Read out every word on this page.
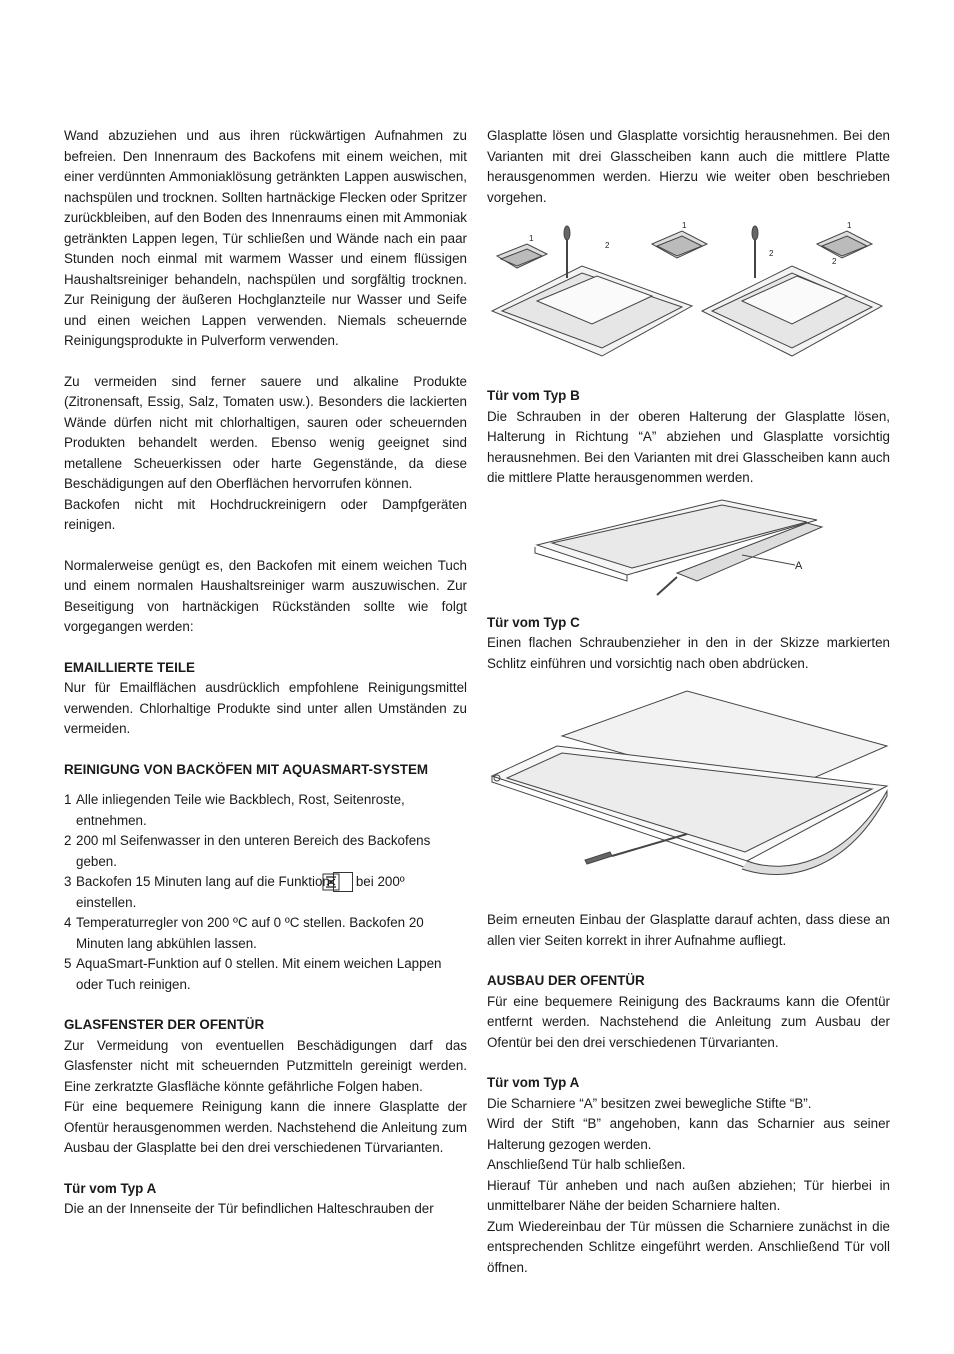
Wand abzuziehen und aus ihren rückwärtigen Aufnahmen zu befreien. Den Innenraum des Backofens mit einem weichen, mit einer verdünnten Ammoniaklösung getränkten Lappen auswischen, nachspülen und trocknen. Sollten hartnäckige Flecken oder Spritzer zurückbleiben, auf den Boden des Innenraums einen mit Ammoniak getränkten Lappen legen, Tür schließen und Wände nach ein paar Stunden noch einmal mit warmem Wasser und einem flüssigen Haushaltsreiniger behandeln, nachspülen und sorgfältig trocknen. Zur Reinigung der äußeren Hochglanzteile nur Wasser und Seife und einen weichen Lappen verwenden. Niemals scheuernde Reinigungsprodukte in Pulverform verwenden.

Zu vermeiden sind ferner sauere und alkaline Produkte (Zitronensaft, Essig, Salz, Tomaten usw.). Besonders die lackierten Wände dürfen nicht mit chlorhaltigen, sauren oder scheuernden Produkten behandelt werden. Ebenso wenig geeignet sind metallene Scheuerkissen oder harte Gegenstände, da diese Beschädigungen auf den Oberflächen hervorrufen können.

Backofen nicht mit Hochdruckreinigern oder Dampfgeräten reinigen.

Normalerweise genügt es, den Backofen mit einem weichen Tuch und einem normalen Haushaltsreiniger warm auszuwischen. Zur Beseitigung von hartnäckigen Rückständen sollte wie folgt vorgegangen werden:

EMAILLIERTE TEILE

Nur für Emailflächen ausdrücklich empfohlene Reinigungsmittel verwenden. Chlorhaltige Produkte sind unter allen Umständen zu vermeiden.

REINIGUNG VON BACKÖFEN MIT AQUASMART-SYSTEM
1 Alle inliegenden Teile wie Backblech, Rost, Seitenroste, entnehmen.
2 200 ml Seifenwasser in den unteren Bereich des Backofens geben.
3 Backofen 15 Minuten lang auf die Funktion bei 200º einstellen.
4 Temperaturregler von 200 ºC auf 0 ºC stellen. Backofen 20 Minuten lang abkühlen lassen.
5 AquaSmart-Funktion auf 0 stellen. Mit einem weichen Lappen oder Tuch reinigen.
GLASFENSTER DER OFENTÜR

Zur Vermeidung von eventuellen Beschädigungen darf das Glasfenster nicht mit scheuernden Putzmitteln gereinigt werden. Eine zerkratzte Glasfläche könnte gefährliche Folgen haben.

Für eine bequemere Reinigung kann die innere Glasplatte der Ofentür herausgenommen werden. Nachstehend die Anleitung zum Ausbau der Glasplatte bei den drei verschiedenen Türvarianten.

Tür vom Typ A

Die an der Innenseite der Tür befindlichen Halteschrauben der

Glasplatte lösen und Glasplatte vorsichtig herausnehmen. Bei den Varianten mit drei Glasscheiben kann auch die mittlere Platte herausgenommen werden. Hierzu wie weiter oben beschrieben vorgehen.

1
2
1
2
1
2
Tür vom Typ B

Die Schrauben in der oberen Halterung der Glasplatte lösen, Halterung in Richtung “A” abziehen und Glasplatte vorsichtig herausnehmen. Bei den Varianten mit drei Glasscheiben kann auch die mittlere Platte herausgenommen werden.

A
Tür vom Typ C

Einen flachen Schraubenzieher in den in der Skizze markierten Schlitz einführen und vorsichtig nach oben abdrücken.

Beim erneuten Einbau der Glasplatte darauf achten, dass diese an allen vier Seiten korrekt in ihrer Aufnahme aufliegt.

AUSBAU DER OFENTÜR

Für eine bequemere Reinigung des Backraums kann die Ofentür entfernt werden. Nachstehend die Anleitung zum Ausbau der Ofentür bei den drei verschiedenen Türvarianten.

Tür vom Typ A

Die Scharniere “A” besitzen zwei bewegliche Stifte “B”.

Wird der Stift “B” angehoben, kann das Scharnier aus seiner Halterung gezogen werden.

Anschließend Tür halb schließen.

Hierauf Tür anheben und nach außen abziehen; Tür hierbei in unmittelbarer Nähe der beiden Scharniere halten.

Zum Wiedereinbau der Tür müssen die Scharniere zunächst in die entsprechenden Schlitze eingeführt werden. Anschließend Tür voll öffnen.
